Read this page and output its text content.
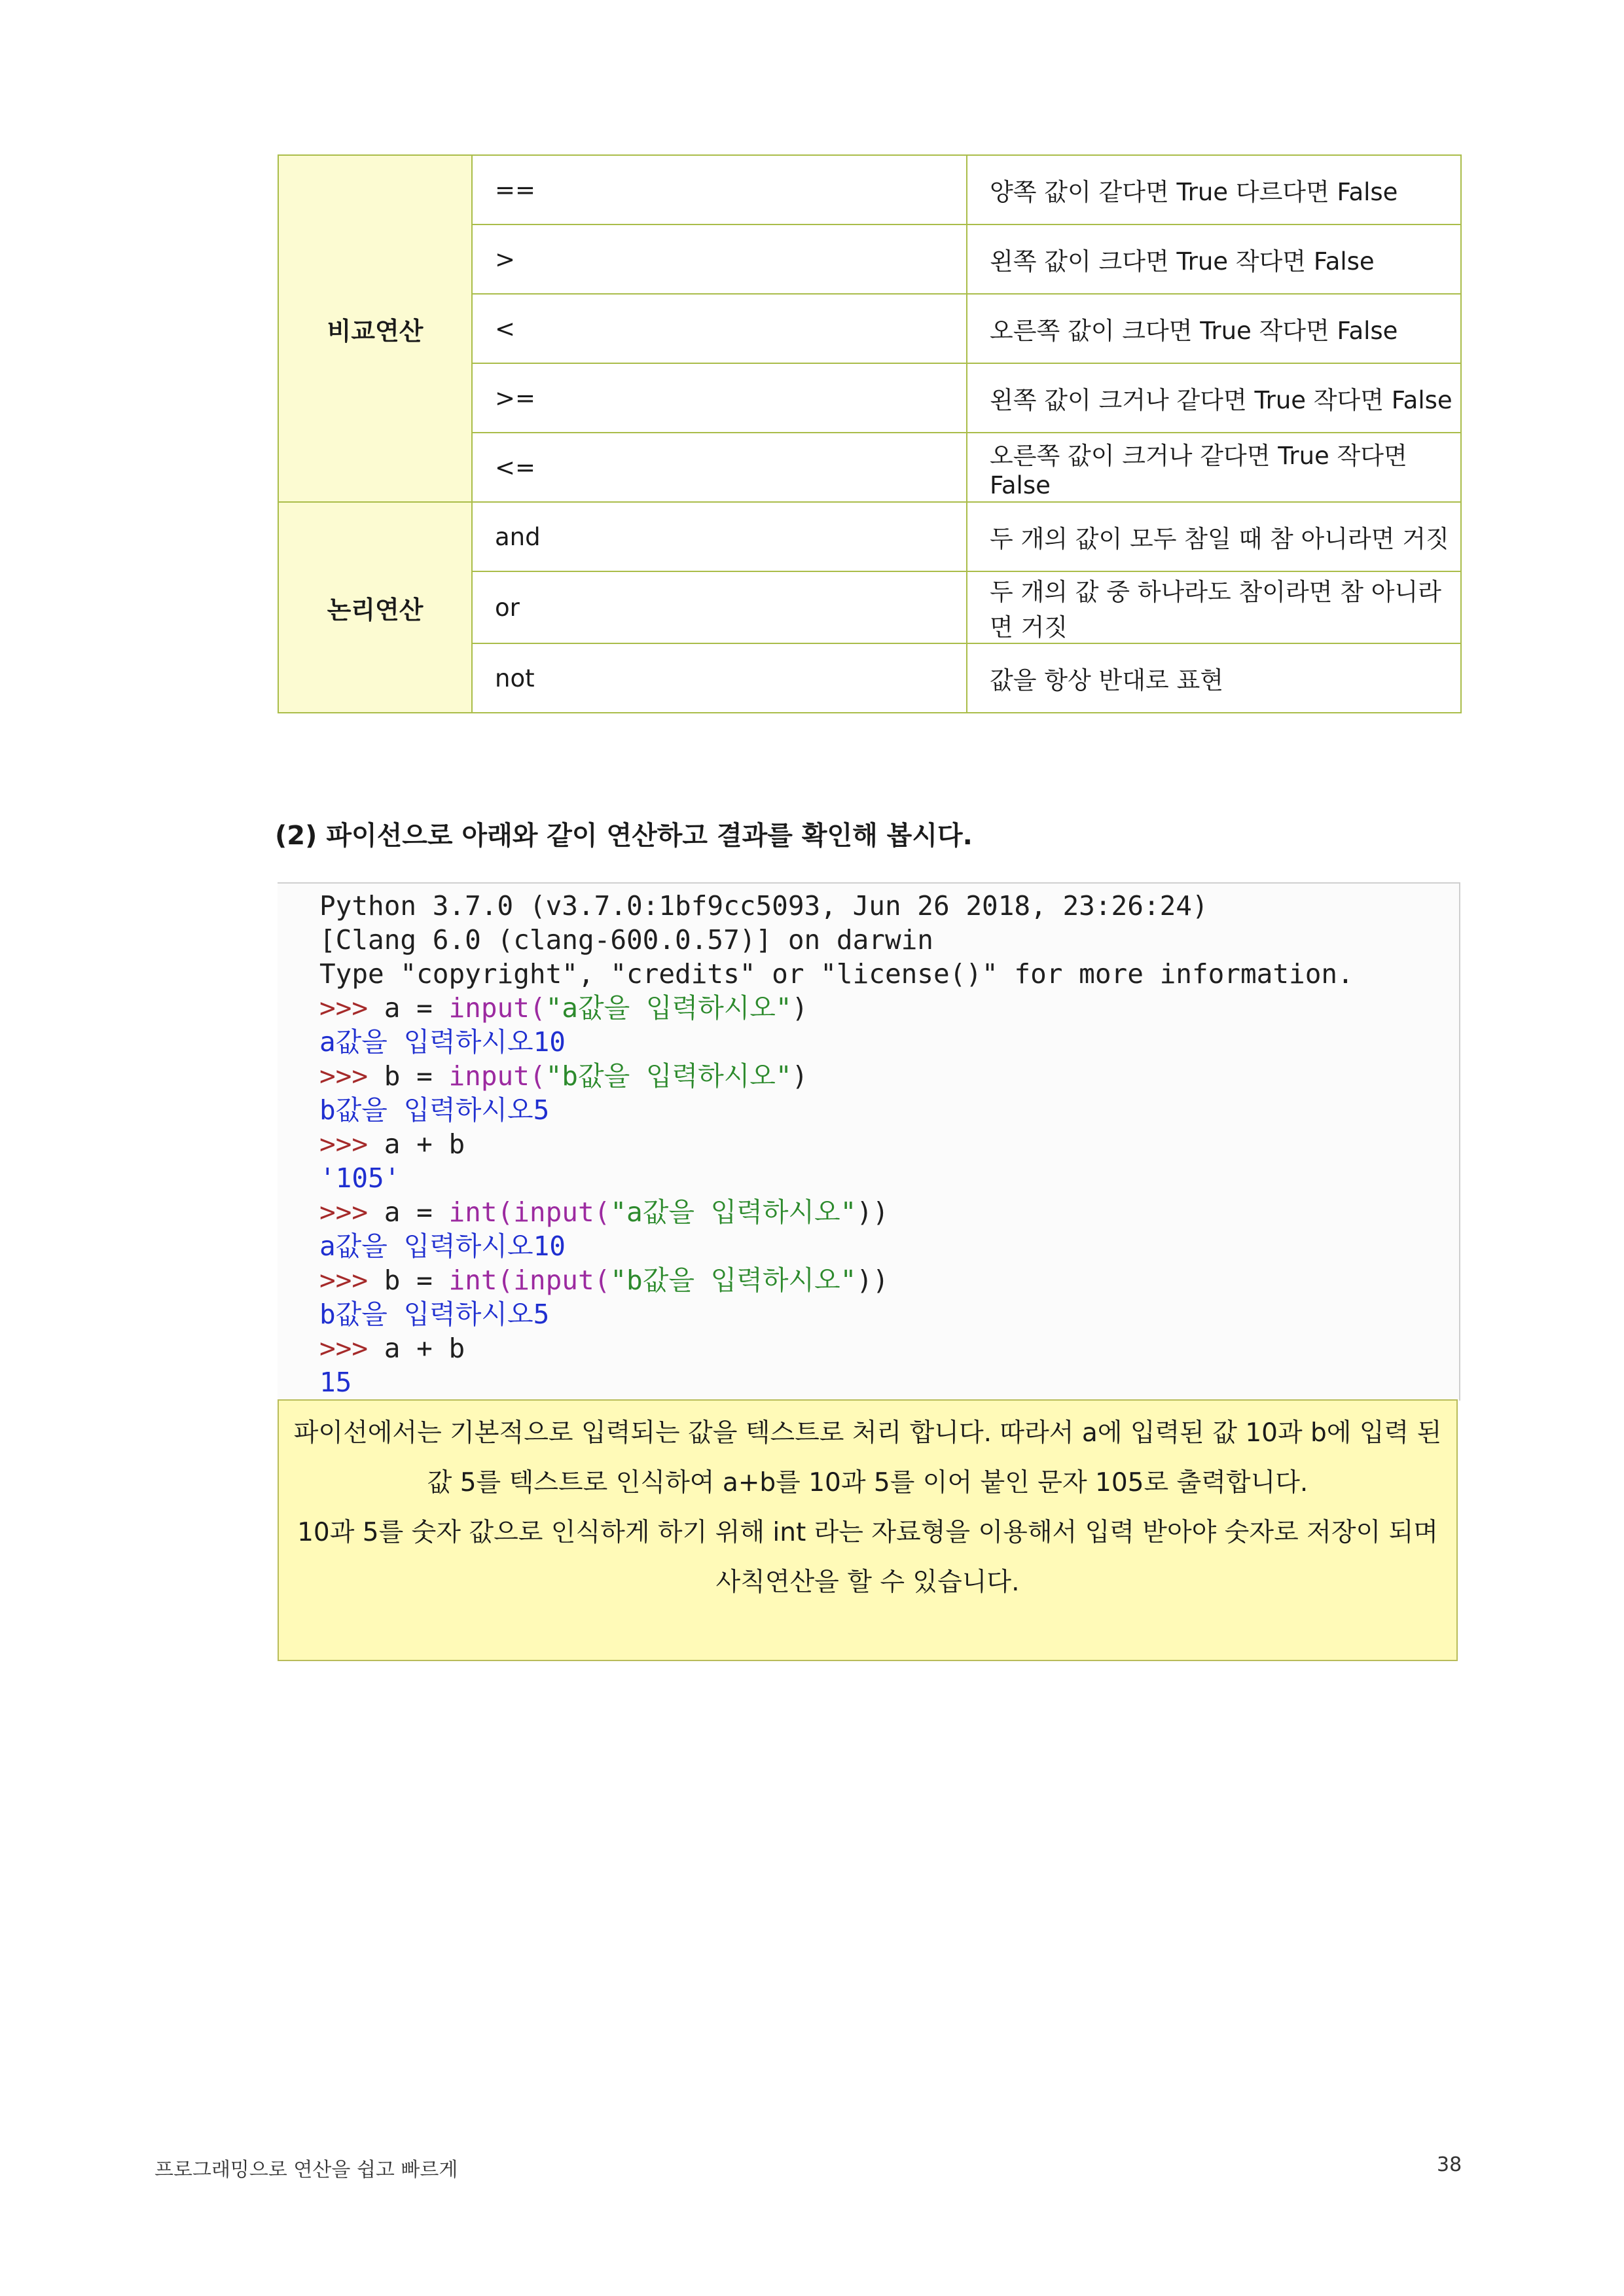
비교연산	==	양쪽 값이 같다면 True 다르다면 False
	>	왼쪽 값이 크다면 True 작다면 False
	<	오른쪽 값이 크다면 True 작다면 False
	>=	왼쪽 값이 크거나 같다면 True 작다면 False
	<=	오른쪽 값이 크거나 같다면 True 작다면 False
논리연산	and	두 개의 값이 모두 참일 때 참 아니라면 거짓
	or	두 개의 값 중 하나라도 참이라면 참 아니라면 거짓
	not	값을 항상 반대로 표현
(2) 파이선으로 아래와 같이 연산하고 결과를 확인해 봅시다.
Python 3.7.0 (v3.7.0:1bf9cc5093, Jun 26 2018, 23:26:24)
[Clang 6.0 (clang-600.0.57)] on darwin
Type "copyright", "credits" or "license()" for more information.
>>> a = input("a값을 입력하시오")
a값을 입력하시오10
>>> b = input("b값을 입력하시오")
b값을 입력하시오5
>>> a + b
'105'
>>> a = int(input("a값을 입력하시오"))
a값을 입력하시오10
>>> b = int(input("b값을 입력하시오"))
b값을 입력하시오5
>>> a + b
15

파이선에서는 기본적으로 입력되는 값을 텍스트로 처리 합니다. 따라서 a에 입력된 값 10과 b에 입력 된

값 5를 텍스트로 인식하여 a+b를 10과 5를 이어 붙인 문자 105로 출력합니다.

10과 5를 숫자 값으로 인식하게 하기 위해 int 라는 자료형을 이용해서 입력 받아야 숫자로 저장이 되며

사칙연산을 할 수 있습니다.

프로그래밍으로 연산을 쉽고 빠르게	38
